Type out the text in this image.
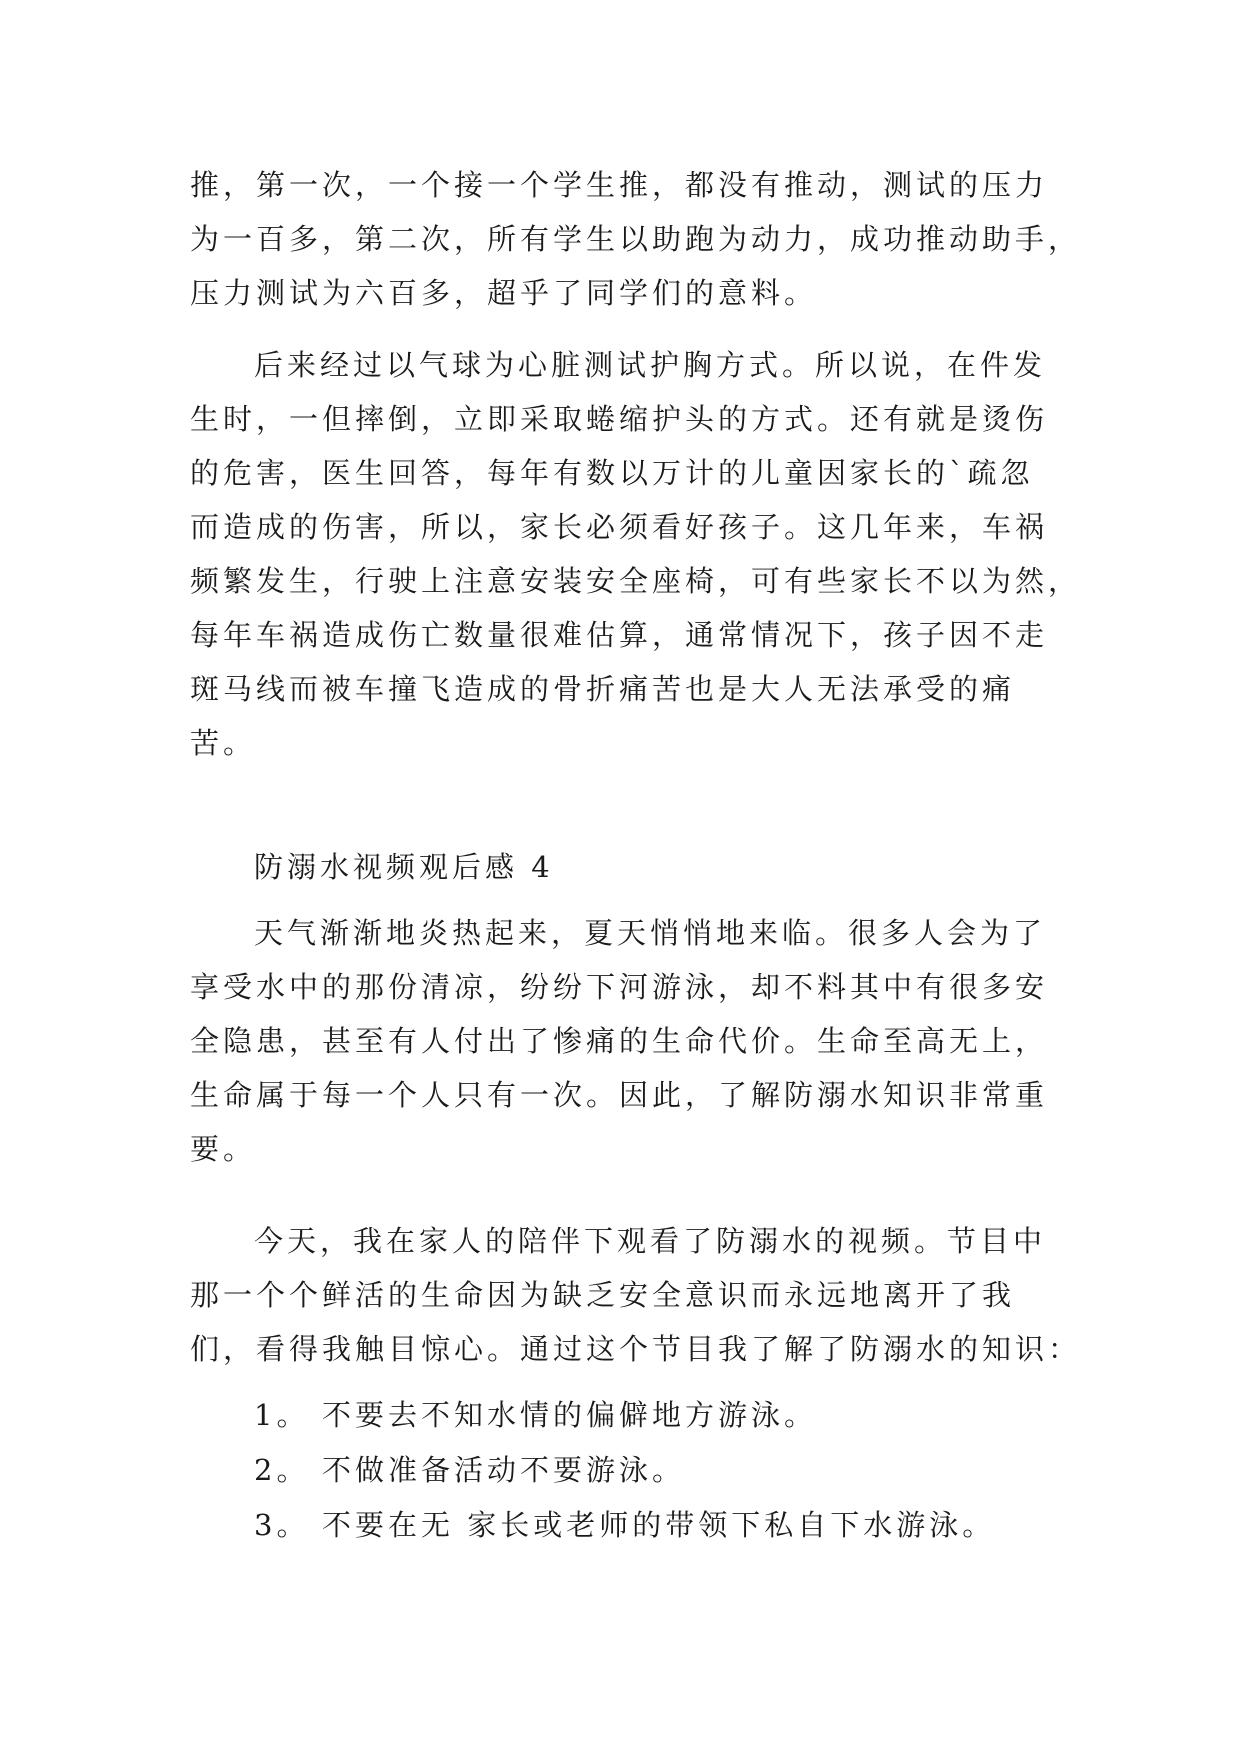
推，第一次，一个接一个学生推，都没有推动，测试的压力
为一百多，第二次，所有学生以助跑为动力，成功推动助手，
压力测试为六百多，超乎了同学们的意料。

后来经过以气球为心脏测试护胸方式。所以说，在件发
生时，一但摔倒，立即采取蜷缩护头的方式。还有就是烫伤
的危害，医生回答，每年有数以万计的儿童因家长的`疏忽
而造成的伤害，所以，家长必须看好孩子。这几年来，车祸
频繁发生，行驶上注意安装安全座椅，可有些家长不以为然，
每年车祸造成伤亡数量很难估算，通常情况下，孩子因不走
斑马线而被车撞飞造成的骨折痛苦也是大人无法承受的痛
苦。

防溺水视频观后感 4

天气渐渐地炎热起来，夏天悄悄地来临。很多人会为了
享受水中的那份清凉，纷纷下河游泳，却不料其中有很多安
全隐患，甚至有人付出了惨痛的生命代价。生命至高无上，
生命属于每一个人只有一次。因此，了解防溺水知识非常重
要。

今天，我在家人的陪伴下观看了防溺水的视频。节目中
那一个个鲜活的生命因为缺乏安全意识而永远地离开了我
们，看得我触目惊心。通过这个节目我了解了防溺水的知识：

1。 不要去不知水情的偏僻地方游泳。

2。 不做准备活动不要游泳。

3。 不要在无 家长或老师的带领下私自下水游泳。
